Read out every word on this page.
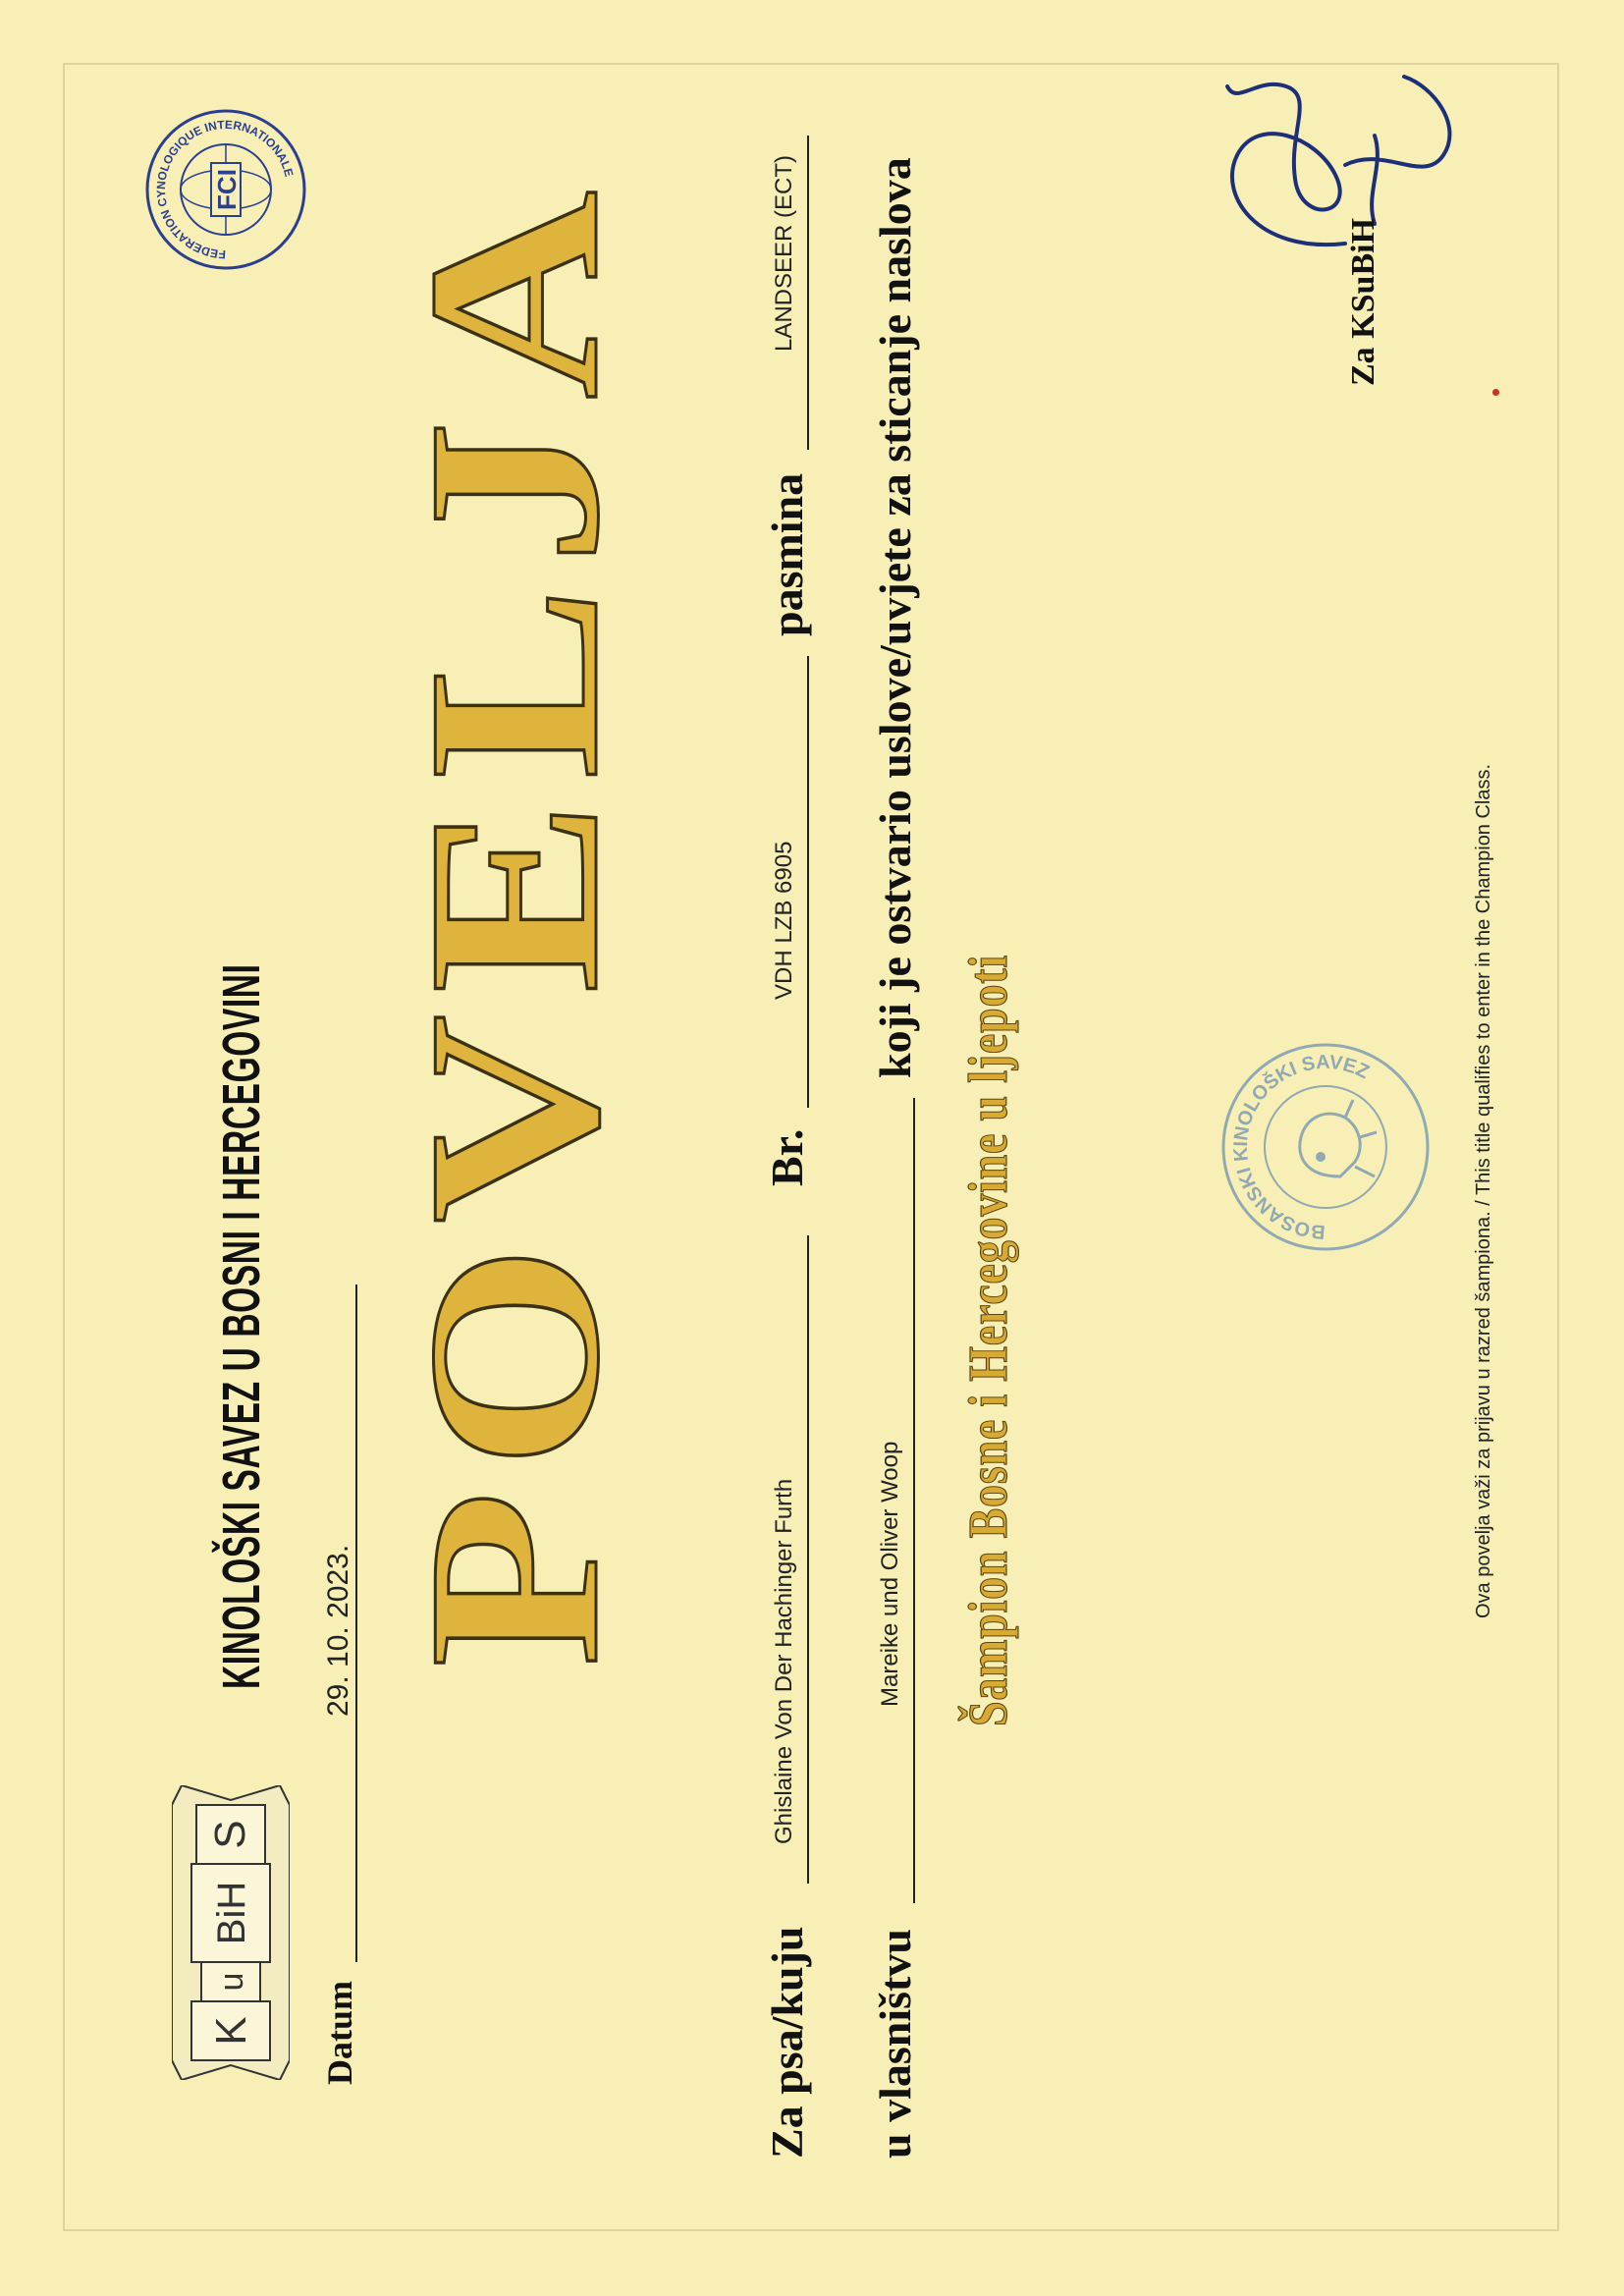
K
u
BiH
S
KINOLOŠKI SAVEZ U BOSNI I HERCEGOVINI
FEDERATION CYNOLOGIQUE INTERNATIONALE
FCI POVELJA
Za psa/kuju
Ghislaine Von Der Hachinger Furth
Br.
VDH LZB 6905
pasmina
LANDSEER (ECT)
u vlasništvu
Mareike und Oliver Woop
koji je ostvario uslove/uvjete za sticanje naslova
Šampion Bosne i Hercegovine u ljepoti
Datum
29. 10. 2023.
BOSANSKI KINOLOŠKI SAVEZ
Za KSuBiH
Ova povelja važi za prijavu u razred šampiona. / This title qualifies to enter in the Champion Class.
